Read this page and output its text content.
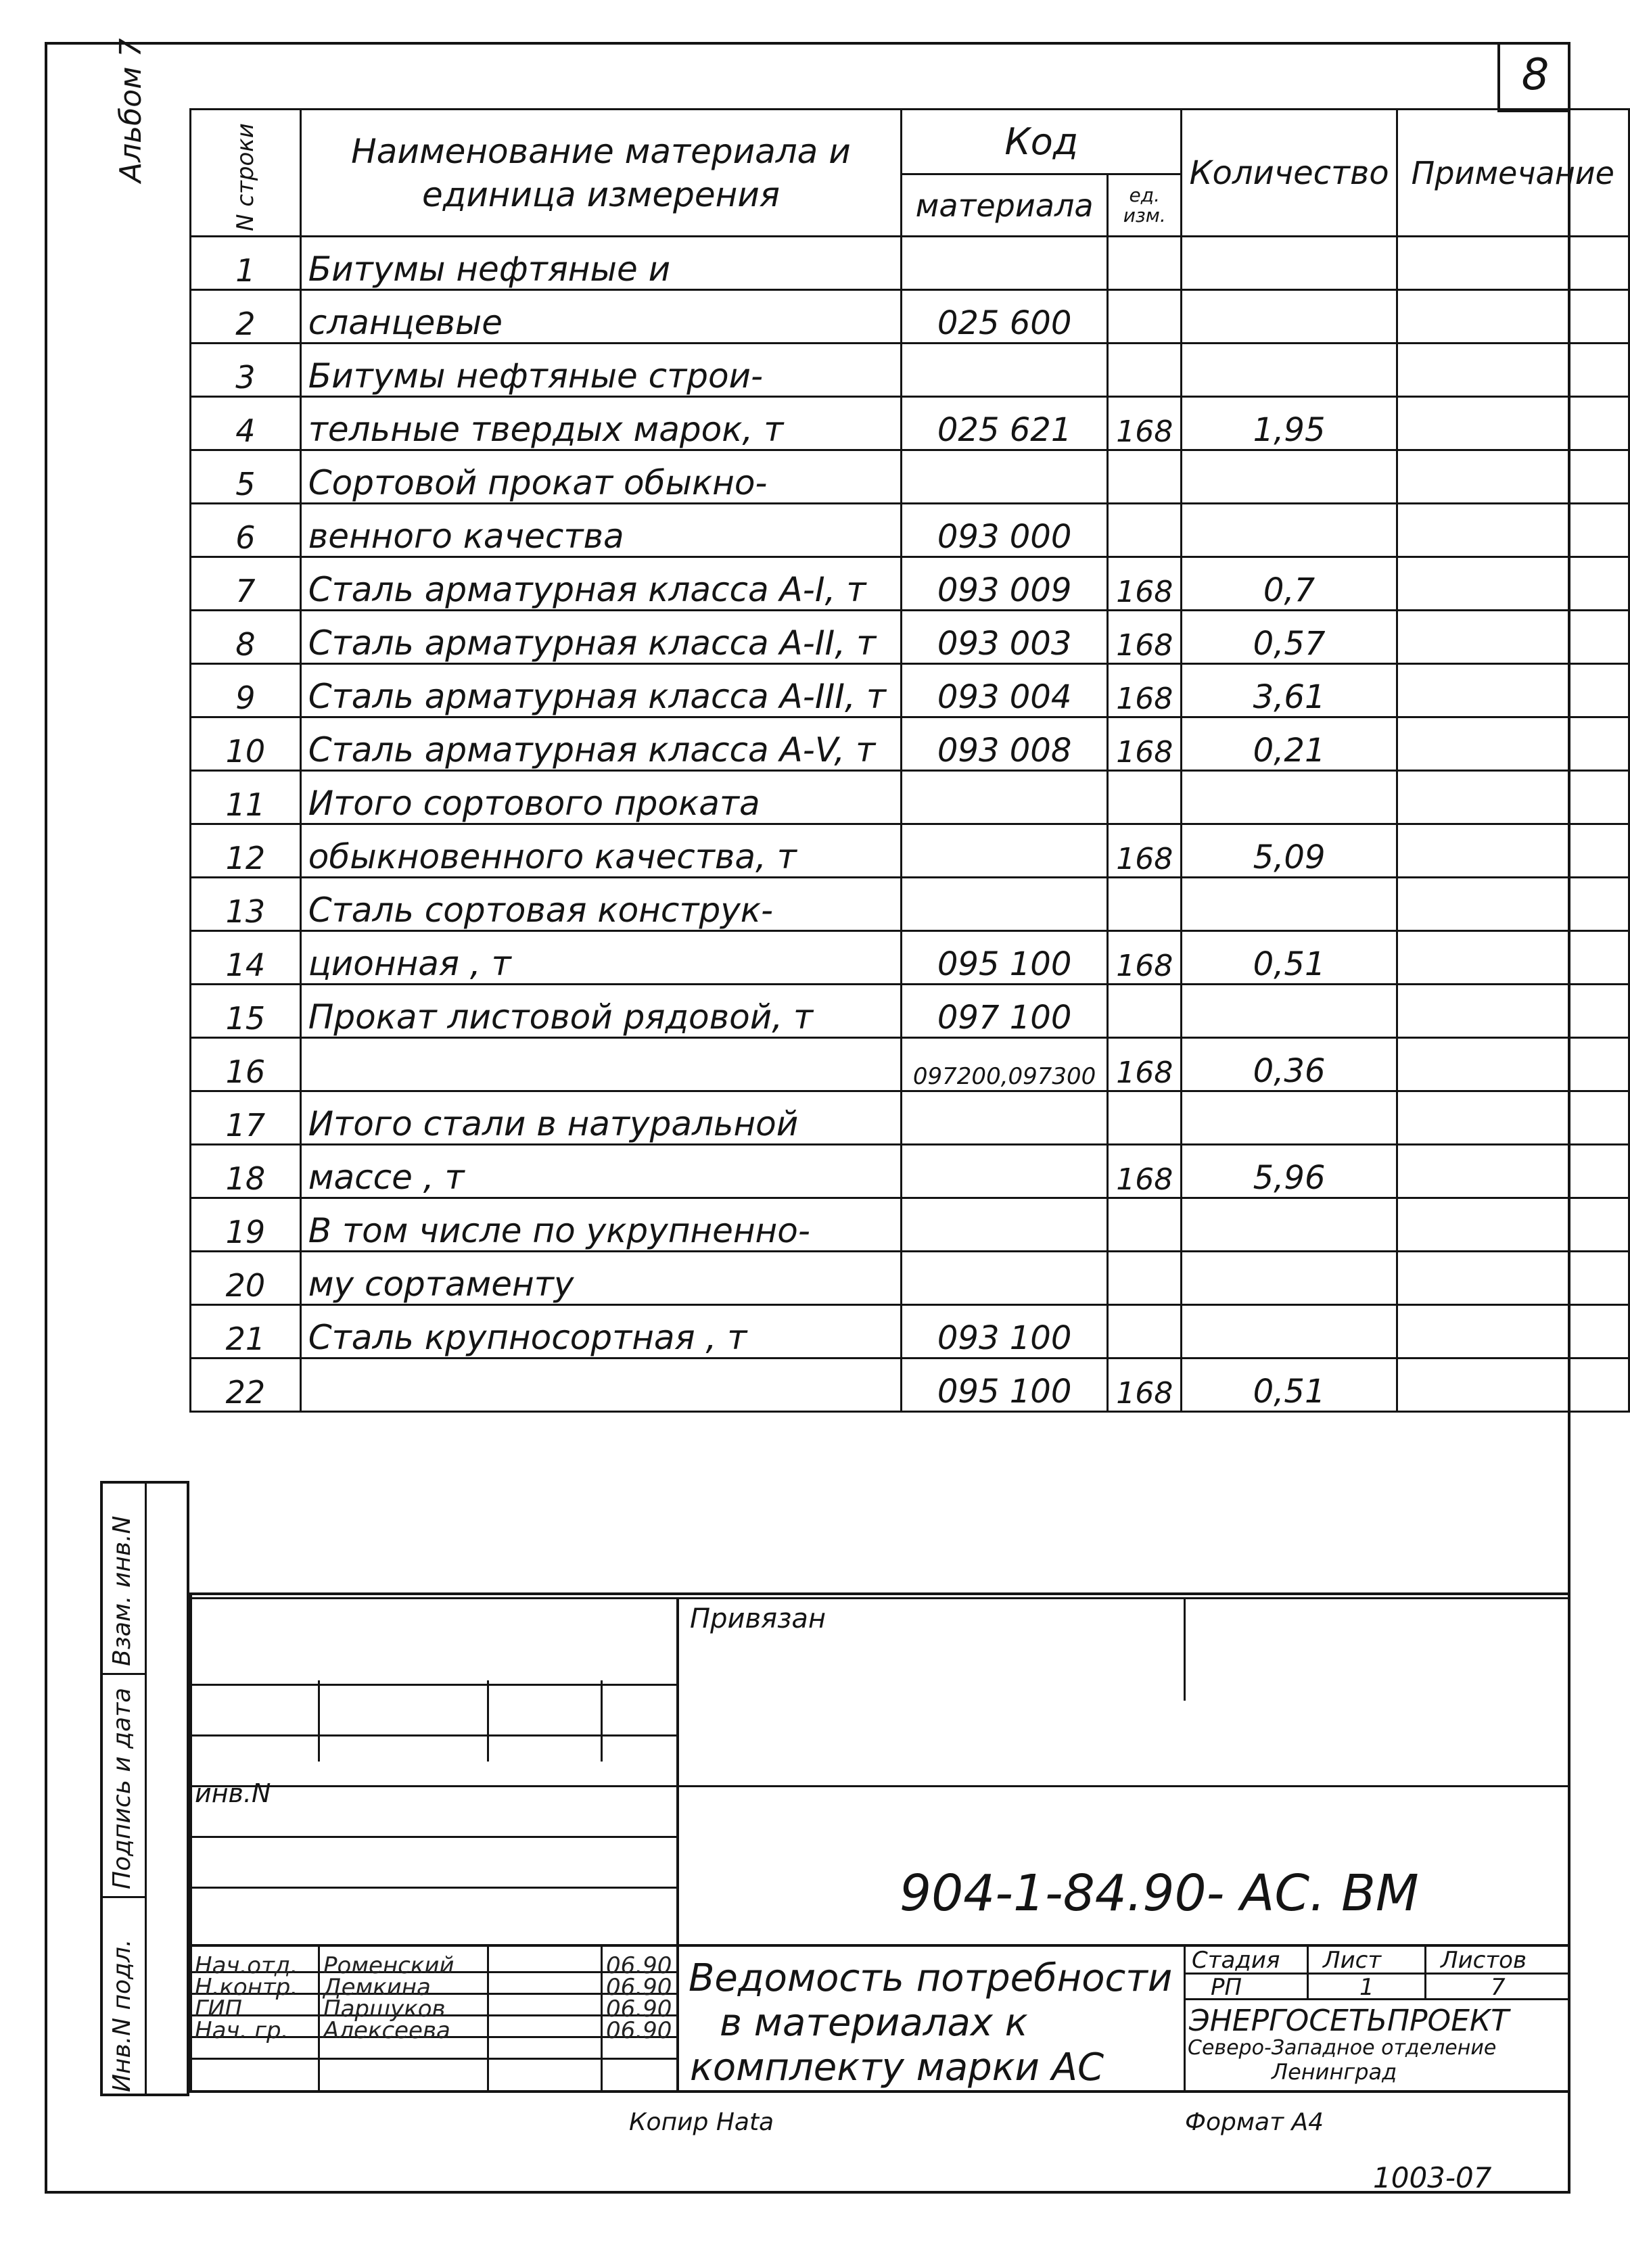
8
Альбом 7	N строки	Наименование материала и единица измерения	Код		Количество	Примечание
		материала	ед. изм.		
1	Битумы нефтяные и				
2	сланцевые	025 600			
3	Битумы нефтяные строи-				
4	тельные твердых марок, т	025 621	168	1,95	
5	Сортовой прокат обыкно-				
6	венного качества	093 000			
7	Сталь арматурная класса А-I, т	093 009	168	0,7	
8	Сталь арматурная класса А-II, т	093 003	168	0,57	
9	Сталь арматурная класса А-III, т	093 004	168	3,61	
10	Сталь арматурная класса А-V, т	093 008	168	0,21	
11	Итого сортового проката				
12	обыкновенного качества, т		168	5,09	
13	Сталь сортовая конструк-				
14	ционная , т	095 100	168	0,51	
15	Прокат листовой рядовой, т	097 100			
16		097200,097300	168	0,36	
17	Итого стали в натуральной				
18	массе , т		168	5,96	
19	В том числе по укрупненно-				
20	му сортаменту				
21	Сталь крупносортная , т	093 100			
22		095 100	168	0,51	
Взам. инв.N
Подпись и дата
Инв.N подл.
Привязан
инв.N
904-1-84.90- АС. ВМ
Ведомость потребности
в материалах к
комплекту марки АС
Стадия Лист	Листов
РП	1	7
ЭНЕРГОСЕТЬПРОЕКТ
Северо-Западное отделение
Ленинград
Нач.отд. Роменский	06.90
Н.контр. Демкина	06.90
ГИП	Паршуков	06.90
Нач. гр. Алексеева	06.90
Копир Наta	Формат А4
1003-07
